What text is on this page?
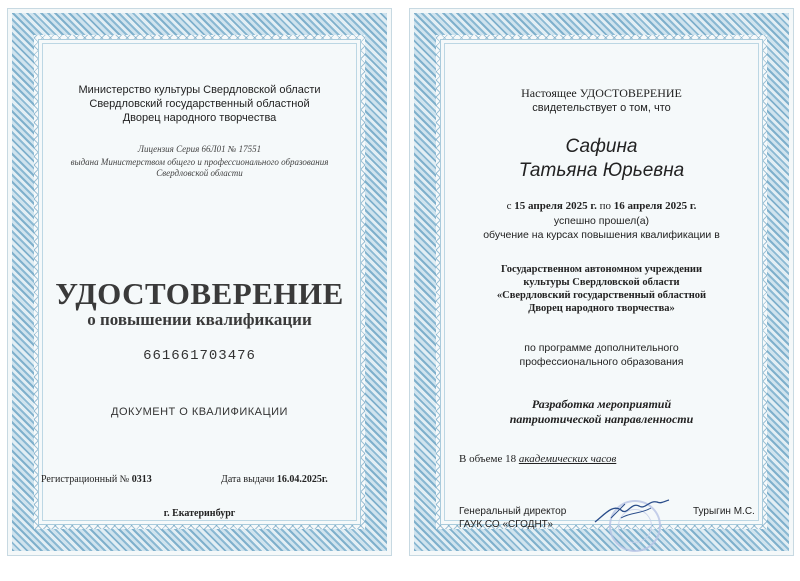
Министерство культуры Свердловской области
Свердловский государственный областной
Дворец народного творчества
Лицензия Серия 66Л01 № 17551
выдана Министерством общего и профессионального образования
Свердловской области
УДОСТОВЕРЕНИЕ
о повышении квалификации
661661703476
ДОКУМЕНТ О КВАЛИФИКАЦИИ
Регистрационный № 0313	Дата выдачи 16.04.2025г.
г. Екатеринбург
Настоящее УДОСТОВЕРЕНИЕ
свидетельствует о том, что
Сафина
Татьяна Юрьевна
с 15 апреля 2025 г. по 16 апреля 2025 г.
успешно прошел(а)
обучение на курсах повышения квалификации в
Государственном автономном учреждении
культуры Свердловской области
«Свердловский государственный областной
Дворец народного творчества»
по программе дополнительного
профессионального образования
Разработка мероприятий
патриотической направленности
В объеме 18 академических часов
Генеральный директор
ГАУК СО «СГОДНТ»
Турыгин М.С.
